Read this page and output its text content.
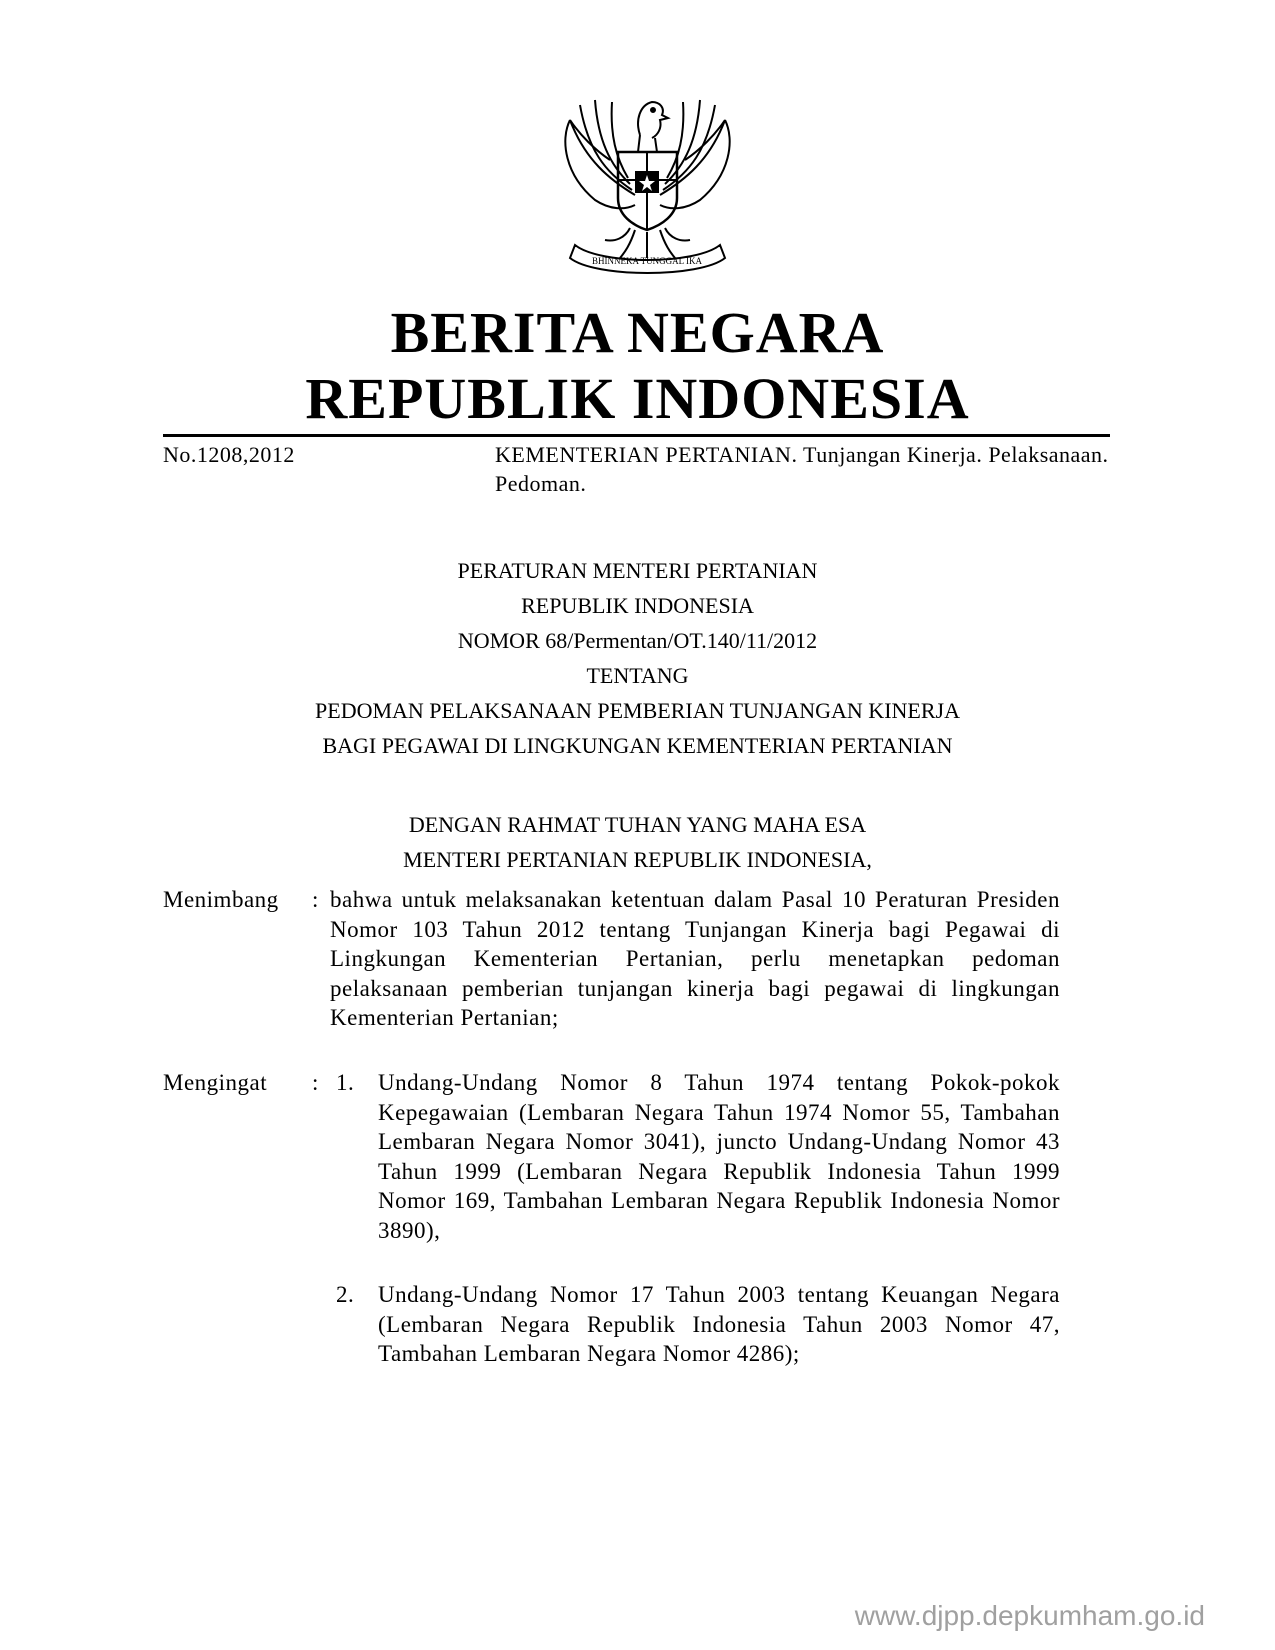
BHINNEKA TUNGGAL IKA
BERITA NEGARA
REPUBLIK INDONESIA
No.1208,2012	KEMENTERIAN PERTANIAN. Tunjangan Kinerja. Pelaksanaan. Pedoman.
PERATURAN MENTERI PERTANIAN
REPUBLIK INDONESIA
NOMOR 68/Permentan/OT.140/11/2012
TENTANG
PEDOMAN PELAKSANAAN PEMBERIAN TUNJANGAN KINERJA
BAGI PEGAWAI DI LINGKUNGAN KEMENTERIAN PERTANIAN
DENGAN RAHMAT TUHAN YANG MAHA ESA
MENTERI PERTANIAN REPUBLIK INDONESIA,
Menimbang : bahwa untuk melaksanakan ketentuan dalam Pasal 10 Peraturan Presiden Nomor 103 Tahun 2012 tentang Tunjangan Kinerja bagi Pegawai di Lingkungan Kementerian Pertanian, perlu menetapkan pedoman pelaksanaan pemberian tunjangan kinerja bagi pegawai di lingkungan Kementerian Pertanian;
Mengingat : 1. Undang-Undang Nomor 8 Tahun 1974 tentang Pokok-pokok Kepegawaian (Lembaran Negara Tahun 1974 Nomor 55, Tambahan Lembaran Negara Nomor 3041), juncto Undang-Undang Nomor 43 Tahun 1999 (Lembaran Negara Republik Indonesia Tahun 1999 Nomor 169, Tambahan Lembaran Negara Republik Indonesia Nomor 3890),
2. Undang-Undang Nomor 17 Tahun 2003 tentang Keuangan Negara (Lembaran Negara Republik Indonesia Tahun 2003 Nomor 47, Tambahan Lembaran Negara Nomor 4286);
www.djpp.depkumham.go.id
